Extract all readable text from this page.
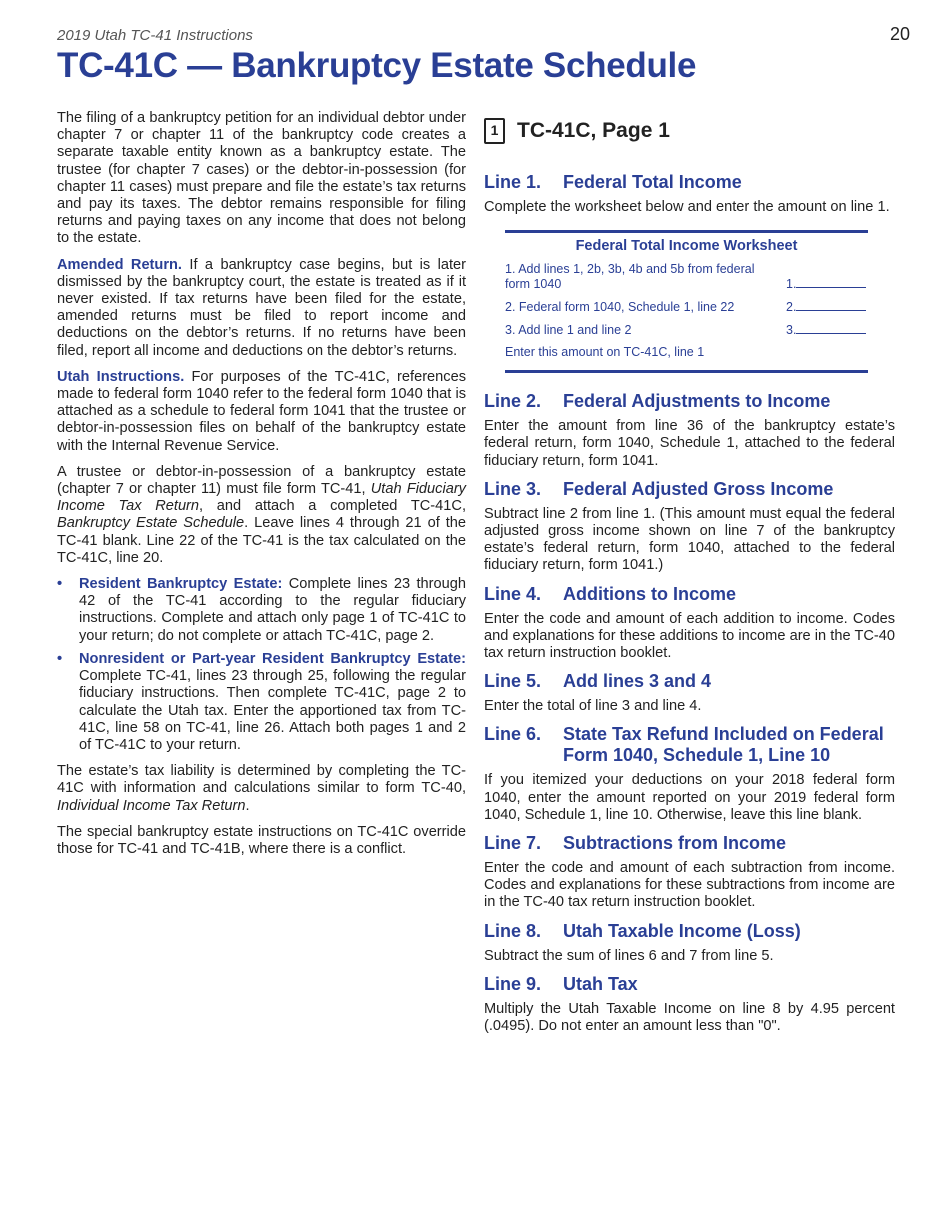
2019 Utah TC-41 Instructions	20
TC-41C — Bankruptcy Estate Schedule

The filing of a bankruptcy petition for an individual debtor under chapter 7 or chapter 11 of the bankruptcy code creates a separate taxable entity known as a bankruptcy estate. The trustee (for chapter 7 cases) or the debtor-in-possession (for chapter 11 cases) must prepare and file the estate’s tax returns and pay its taxes. The debtor remains responsible for filing returns and paying taxes on any income that does not belong to the estate.

Amended Return. If a bankruptcy case begins, but is later dismissed by the bankruptcy court, the estate is treated as if it never existed. If tax returns have been filed for the estate, amended returns must be filed to report income and deductions on the debtor’s returns. If no returns have been filed, report all income and deductions on the debtor’s returns.

Utah Instructions. For purposes of the TC-41C, references made to federal form 1040 refer to the federal form 1040 that is attached as a schedule to federal form 1041 that the trustee or debtor-in-possession files on behalf of the bankruptcy estate with the Internal Revenue Service.

A trustee or debtor-in-possession of a bankruptcy estate (chapter 7 or chapter 11) must file form TC-41, Utah Fiduciary Income Tax Return, and attach a completed TC-41C, Bankruptcy Estate Schedule. Leave lines 4 through 21 of the TC-41 blank. Line 22 of the TC-41 is the tax calculated on the TC-41C, line 20.

• Resident Bankruptcy Estate: Complete lines 23 through 42 of the TC-41 according to the regular fiduciary instructions. Complete and attach only page 1 of TC-41C to your return; do not complete or attach TC-41C, page 2.
• Nonresident or Part-year Resident Bankruptcy Estate: Complete TC-41, lines 23 through 25, following the regular fiduciary instructions. Then complete TC-41C, page 2 to calculate the Utah tax. Enter the apportioned tax from TC-41C, line 58 on TC-41, line 26. Attach both pages 1 and 2 of TC-41C to your return.

The estate’s tax liability is determined by completing the TC-41C with information and calculations similar to form TC-40, Individual Income Tax Return.

The special bankruptcy estate instructions on TC-41C override those for TC-41 and TC-41B, where there is a conflict.

1 TC-41C, Page 1
Line 1.	Federal Total Income

Complete the worksheet below and enter the amount on line 1.

Federal Total Income Worksheet
1. Add lines 1, 2b, 3b, 4b and 5b from federal form 1040	1.
2. Federal form 1040, Schedule 1, line 22	2.
3. Add line 1 and line 2	3.
Enter this amount on TC-41C, line 1
Line 2.	Federal Adjustments to Income

Enter the amount from line 36 of the bankruptcy estate’s federal return, form 1040, Schedule 1, attached to the federal fiduciary return, form 1041.

Line 3.	Federal Adjusted Gross Income

Subtract line 2 from line 1. (This amount must equal the federal adjusted gross income shown on line 7 of the bankruptcy estate’s federal return, form 1040, attached to the federal fiduciary return, form 1041.)

Line 4.	Additions to Income

Enter the code and amount of each addition to income. Codes and explanations for these additions to income are in the TC-40 tax return instruction booklet.

Line 5.	Add lines 3 and 4

Enter the total of line 3 and line 4.

Line 6.	State Tax Refund Included on Federal Form 1040, Schedule 1, Line 10

If you itemized your deductions on your 2018 federal form 1040, enter the amount reported on your 2019 federal form 1040, Schedule 1, line 10. Otherwise, leave this line blank.

Line 7.	Subtractions from Income

Enter the code and amount of each subtraction from income. Codes and explanations for these subtractions from income are in the TC-40 tax return instruction booklet.

Line 8.	Utah Taxable Income (Loss)

Subtract the sum of lines 6 and 7 from line 5.

Line 9.	Utah Tax

Multiply the Utah Taxable Income on line 8 by 4.95 percent (.0495). Do not enter an amount less than "0".
